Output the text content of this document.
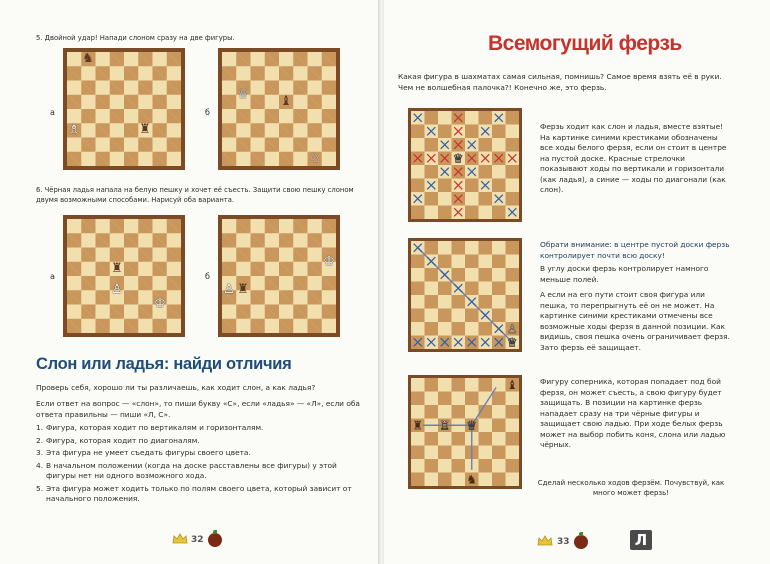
5. Двойной удар! Напади слоном сразу на две фигуры.
а
♞
♗	♜
б
♕ ♝
♘
6. Чёрная ладья напала на белую пешку и хочет её съесть. Защити свою пешку слоном двумя возможными способами. Нарисуй оба варианта.
а
♜
♙
♔
б
♔
♙ ♜
Слон или ладья: найди отличия
Проверь себя, хорошо ли ты различаешь, как ходит слон, а как ладья?
Если ответ на вопрос — «слон», то пиши букву «С», если «ладья» — «Л», если оба ответа правильны — пиши «Л, С».
1. Фигура, которая ходит по вертикалям и горизонталям.
2. Фигура, которая ходит по диагоналям.
3. Эта фигура не умеет съедать фигуры своего цвета.
4. В начальном положении (когда на доске расставлены все фигуры) у этой фигуры нет ни одного возможного хода.
5. Эта фигура может ходить только по полям своего цвета, который зависит от начального положения.
32
Всемогущий ферзь
Какая фигура в шахматах самая сильная, помнишь? Самое время взять её в руки. Чем не волшебная палочка?! Конечно же, это ферзь.
♕
Ферзь ходит как слон и ладья, вместе взятые! На картинке синими крестиками обозначены все ходы белого ферзя, если он стоит в центре на пустой доске. Красные стрелочки показывают ходы по вертикали и горизонтали (как ладья), а синие — ходы по диагонали (как слон).
♙
♕
Обрати внимание: в центре пустой доски ферзь контролирует почти всю доску!
В углу доски ферзь контролирует намного меньше полей.
А если на его пути стоит своя фигура или пешка, то перепрыгнуть её он не может. На картинке синими крестиками отмечены все возможные ходы ферзя в данной позиции. Как видишь, своя пешка очень ограничивает ферзя. Зато ферзь её защищает.
♕
♝
♜ ♖
♞
Фигуру соперника, которая попадает под бой ферзя, он может съесть, а свою фигуру будет защищать. В позиции на картинке ферзь нападает сразу на три чёрные фигуры и защищает свою ладью. При ходе белых ферзь может на выбор побить коня, слона или ладью чёрных.
Сделай несколько ходов ферзём. Почувствуй, как много может ферзь!
33	Л
